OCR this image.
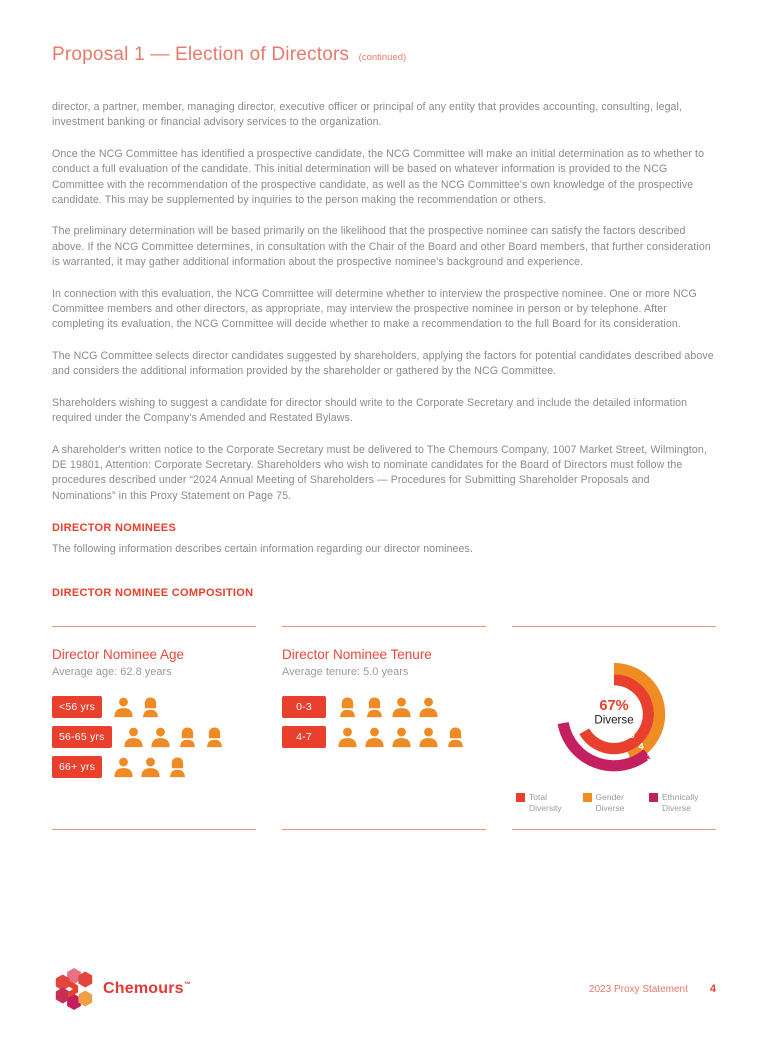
Proposal 1 — Election of Directors (continued)

director, a partner, member, managing director, executive officer or principal of any entity that provides accounting, consulting, legal, investment banking or financial advisory services to the organization.

Once the NCG Committee has identified a prospective candidate, the NCG Committee will make an initial determination as to whether to conduct a full evaluation of the candidate. This initial determination will be based on whatever information is provided to the NCG Committee with the recommendation of the prospective candidate, as well as the NCG Committee's own knowledge of the prospective candidate. This may be supplemented by inquiries to the person making the recommendation or others.

The preliminary determination will be based primarily on the likelihood that the prospective nominee can satisfy the factors described above. If the NCG Committee determines, in consultation with the Chair of the Board and other Board members, that further consideration is warranted, it may gather additional information about the prospective nominee's background and experience.

In connection with this evaluation, the NCG Committee will determine whether to interview the prospective nominee. One or more NCG Committee members and other directors, as appropriate, may interview the prospective nominee in person or by telephone. After completing its evaluation, the NCG Committee will decide whether to make a recommendation to the full Board for its consideration.

The NCG Committee selects director candidates suggested by shareholders, applying the factors for potential candidates described above and considers the additional information provided by the shareholder or gathered by the NCG Committee.

Shareholders wishing to suggest a candidate for director should write to the Corporate Secretary and include the detailed information required under the Company's Amended and Restated Bylaws.

A shareholder's written notice to the Corporate Secretary must be delivered to The Chemours Company, 1007 Market Street, Wilmington, DE 19801, Attention: Corporate Secretary. Shareholders who wish to nominate candidates for the Board of Directors must follow the procedures described under “2024 Annual Meeting of Shareholders — Procedures for Submitting Shareholder Proposals and Nominations” in this Proxy Statement on Page 75.

DIRECTOR NOMINEES
The following information describes certain information regarding our director nominees.
DIRECTOR NOMINEE COMPOSITION
Director Nominee Age
Average age: 62.8 years
<56 yrs
56-65 yrs
66+ yrs
Director Nominee Tenure
Average tenure: 5.0 years
0-3
4-7
67%
Diverse
6
4
3
Total Diversity
Gender Diverse
Ethnically Diverse
Chemours™	2023 Proxy Statement 4
